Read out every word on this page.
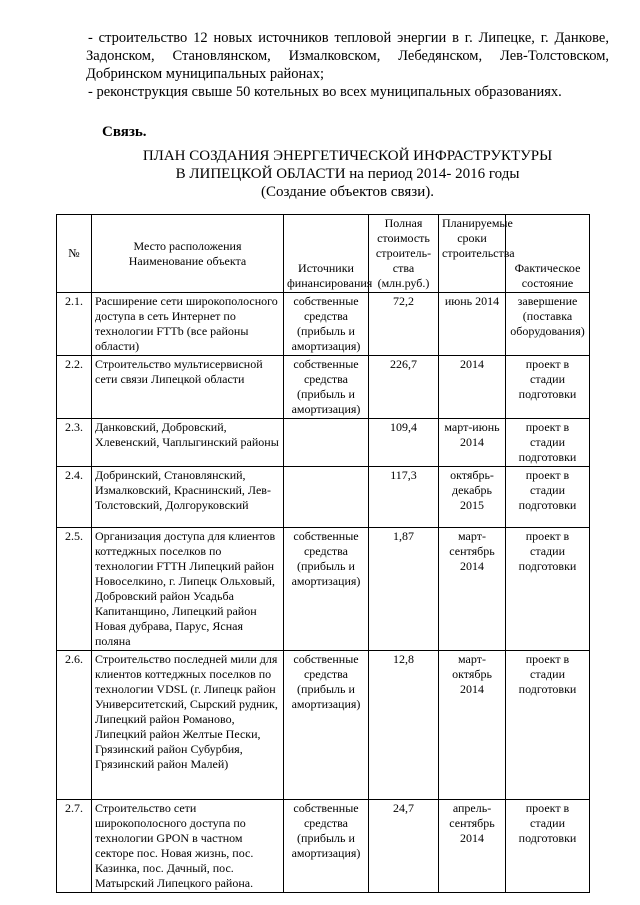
- строительство 12 новых источников тепловой энергии в г. Липецке, г. Данкове, Задонском, Становлянском, Измалковском, Лебедянском, Лев-Толстовском, Добринском муниципальных районах;

- реконструкция свыше 50 котельных во всех муниципальных образованиях.

Связь.
ПЛАН СОЗДАНИЯ ЭНЕРГЕТИЧЕСКОЙ ИНФРАСТРУКТУРЫ
В ЛИПЕЦКОЙ ОБЛАСТИ на период 2014- 2016 годы
(Создание объектов связи).
№	Место расположения Наименование объекта	Источники финансирования	Полная стоимость строитель-ства (млн.руб.)	Планируемые сроки строительства	Фактическое состояние
2.1.	Расширение сети широкополосного доступа в сеть Интернет по технологии FTTb (все районы области)	собственные средства (прибыль и амортизация)	72,2	июнь 2014	завершение (поставка оборудования)
2.2.	Строительство мультисервисной сети связи Липецкой области	собственные средства (прибыль и амортизация)	226,7	2014	проект в стадии подготовки
2.3.	Данковский, Добровский, Хлевенский, Чаплыгинский районы		109,4	март-июнь 2014	проект в стадии подготовки
2.4.	Добринский, Становлянский, Измалковский, Краснинский, Лев-Толстовский, Долгоруковский		117,3	октябрь-декабрь 2015	проект в стадии подготовки
2.5.	Организация доступа для клиентов коттеджных поселков по технологии FTTH Липецкий район Новоселкино, г. Липецк Ольховый, Добровский район Усадьба Капитанщино, Липецкий район Новая дубрава, Парус, Ясная поляна	собственные средства (прибыль и амортизация)	1,87	март-сентябрь 2014	проект в стадии подготовки
2.6.	Строительство последней мили для клиентов коттеджных поселков по технологии VDSL (г. Липецк район Университетский, Сырский рудник, Липецкий район Романово, Липецкий район Желтые Пески, Грязинский район Субурбия, Грязинский район Малей)	собственные средства (прибыль и амортизация)	12,8	март-октябрь 2014	проект в стадии подготовки
2.7.	Строительство сети широкополосного доступа по технологии GPON в частном секторе пос. Новая жизнь, пос. Казинка, пос. Дачный, пос. Матырский Липецкого района.	собственные средства (прибыль и амортизация)	24,7	апрель-сентябрь 2014	проект в стадии подготовки
